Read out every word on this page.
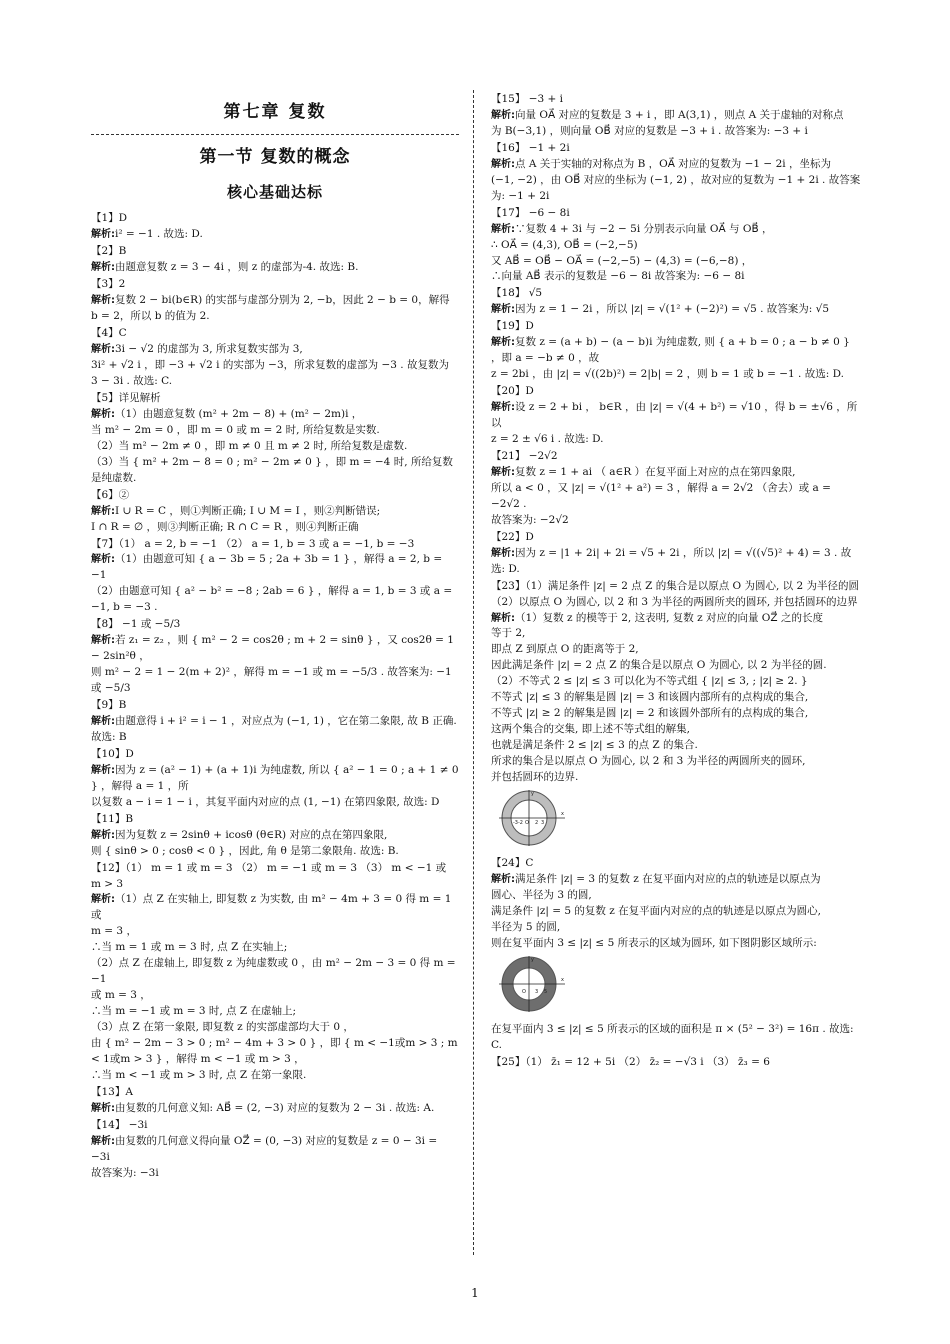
第七章 复数
第一节 复数的概念
核心基础达标

【1】D

解析:i² = −1 . 故选: D.

【2】B

解析:由题意复数 z = 3 − 4i ，则 z 的虚部为-4. 故选: B.

【3】2

解析:复数 2 − bi(b∈R) 的实部与虚部分别为 2, −b，因此 2 − b = 0，解得

b = 2，所以 b 的值为 2.

【4】C

解析:3i − √2 的虚部为 3, 所求复数实部为 3,

3i² + √2 i ，即 −3 + √2 i 的实部为 −3，所求复数的虚部为 −3 . 故复数为

3 − 3i . 故选: C.

【5】详见解析

解析:（1）由题意复数 (m² + 2m − 8) + (m² − 2m)i ，

当 m² − 2m = 0 ，即 m = 0 或 m = 2 时, 所给复数是实数.

（2）当 m² − 2m ≠ 0 ，即 m ≠ 0 且 m ≠ 2 时, 所给复数是虚数.

（3）当 { m² + 2m − 8 = 0 ; m² − 2m ≠ 0 } ，即 m = −4 时, 所给复数是纯虚数.

【6】②

解析:I ∪ R = C ，则①判断正确; I ∪ M = I ，则②判断错误;

I ∩ R = ∅ ，则③判断正确; R ∩ C = R ，则④判断正确

【7】（1） a = 2, b = −1 （2） a = 1, b = 3 或 a = −1, b = −3

解析:（1）由题意可知 { a − 3b = 5 ; 2a + 3b = 1 } ，解得 a = 2, b = −1

（2）由题意可知 { a² − b² = −8 ; 2ab = 6 } ，解得 a = 1, b = 3 或 a = −1, b = −3 .

【8】 −1 或 −5/3

解析:若 z₁ = z₂ ，则 { m² − 2 = cos2θ ; m + 2 = sinθ } ，又 cos2θ = 1 − 2sin²θ ，

则 m² − 2 = 1 − 2(m + 2)² ，解得 m = −1 或 m = −5/3 . 故答案为: −1 或 −5/3

【9】B

解析:由题意得 i + i² = i − 1 ，对应点为 (−1, 1) ，它在第二象限, 故 B 正确.

故选: B

【10】D

解析:因为 z = (a² − 1) + (a + 1)i 为纯虚数, 所以 { a² − 1 = 0 ; a + 1 ≠ 0 } ，解得 a = 1 ，所

以复数 a − i = 1 − i ，其复平面内对应的点 (1, −1) 在第四象限, 故选: D

【11】B

解析:因为复数 z = 2sinθ + icosθ (θ∈R) 对应的点在第四象限,

则 { sinθ > 0 ; cosθ < 0 } ，因此, 角 θ 是第二象限角. 故选: B.

【12】（1） m = 1 或 m = 3 （2） m = −1 或 m = 3 （3） m < −1 或 m > 3

解析:（1）点 Z 在实轴上, 即复数 z 为实数, 由 m² − 4m + 3 = 0 得 m = 1 或

m = 3 ，

∴当 m = 1 或 m = 3 时, 点 Z 在实轴上;

（2）点 Z 在虚轴上, 即复数 z 为纯虚数或 0 ，由 m² − 2m − 3 = 0 得 m = −1

或 m = 3 ，

∴当 m = −1 或 m = 3 时, 点 Z 在虚轴上;

（3）点 Z 在第一象限, 即复数 z 的实部虚部均大于 0 ，

由 { m² − 2m − 3 > 0 ; m² − 4m + 3 > 0 } ，即 { m < −1或m > 3 ; m < 1或m > 3 } ，解得 m < −1 或 m > 3 ，

∴当 m < −1 或 m > 3 时, 点 Z 在第一象限.

【13】A

解析:由复数的几何意义知: AB⃗ = (2, −3) 对应的复数为 2 − 3i . 故选: A.

【14】 −3i

解析:由复数的几何意义得向量 OZ⃗ = (0, −3) 对应的复数是 z = 0 − 3i = −3i

故答案为: −3i

【15】 −3 + i

解析:向量 OA⃗ 对应的复数是 3 + i ，即 A(3,1) ，则点 A 关于虚轴的对称点

为 B(−3,1) ，则向量 OB⃗ 对应的复数是 −3 + i . 故答案为: −3 + i

【16】 −1 + 2i

解析:点 A 关于实轴的对称点为 B ，OA⃗ 对应的复数为 −1 − 2i ，坐标为

(−1, −2) ，由 OB⃗ 对应的坐标为 (−1, 2) ，故对应的复数为 −1 + 2i . 故答案

为: −1 + 2i

【17】 −6 − 8i

解析:∵复数 4 + 3i 与 −2 − 5i 分别表示向量 OA⃗ 与 OB⃗ ，

∴ OA⃗ = (4,3), OB⃗ = (−2,−5)

又 AB⃗ = OB⃗ − OA⃗ = (−2,−5) − (4,3) = (−6,−8) ，

∴向量 AB⃗ 表示的复数是 −6 − 8i 故答案为: −6 − 8i

【18】 √5

解析:因为 z = 1 − 2i ，所以 |z| = √(1² + (−2)²) = √5 . 故答案为: √5

【19】D

解析:复数 z = (a + b) − (a − b)i 为纯虚数, 则 { a + b = 0 ; a − b ≠ 0 } ，即 a = −b ≠ 0 ，故

z = 2bi ，由 |z| = √((2b)²) = 2|b| = 2 ，则 b = 1 或 b = −1 . 故选: D.

【20】D

解析:设 z = 2 + bi ， b∈R ，由 |z| = √(4 + b²) = √10 ，得 b = ±√6 ，所以

z = 2 ± √6 i . 故选: D.

【21】 −2√2

解析:复数 z = 1 + ai （ a∈R ）在复平面上对应的点在第四象限,

所以 a < 0 ，又 |z| = √(1² + a²) = 3 ，解得 a = 2√2 （舍去）或 a = −2√2 .

故答案为: −2√2

【22】D

解析:因为 z = |1 + 2i| + 2i = √5 + 2i ，所以 |z| = √((√5)² + 4) = 3 . 故选: D.

【23】（1）满足条件 |z| = 2 点 Z 的集合是以原点 O 为圆心, 以 2 为半径的圆 （2）以原点 O 为圆心, 以 2 和 3 为半径的两圆所夹的圆环, 并包括圆环的边界

解析:（1）复数 z 的模等于 2, 这表明, 复数 z 对应的向量 OZ⃗ 之的长度

等于 2,

即点 Z 到原点 O 的距离等于 2,

因此满足条件 |z| = 2 点 Z 的集合是以原点 O 为圆心, 以 2 为半径的圆.

（2）不等式 2 ≤ |z| ≤ 3 可以化为不等式组 { |z| ≤ 3, ; |z| ≥ 2. }

不等式 |z| ≤ 3 的解集是圆 |z| = 3 和该圆内部所有的点构成的集合,

不等式 |z| ≥ 2 的解集是圆 |z| = 2 和该圆外部所有的点构成的集合,

这两个集合的交集, 即上述不等式组的解集,

也就是满足条件 2 ≤ |z| ≤ 3 的点 Z 的集合.

所求的集合是以原点 O 为圆心, 以 2 和 3 为半径的两圆所夹的圆环,

并包括圆环的边界.

-3 -2 O 2 3
x
y

【24】C

解析:满足条件 |z| = 3 的复数 z 在复平面内对应的点的轨迹是以原点为

圆心、半径为 3 的圆,

满足条件 |z| = 5 的复数 z 在复平面内对应的点的轨迹是以原点为圆心,

半径为 5 的圆,

则在复平面内 3 ≤ |z| ≤ 5 所表示的区域为圆环, 如下图阴影区域所示:

O 3 5
x
y

在复平面内 3 ≤ |z| ≤ 5 所表示的区域的面积是 π × (5² − 3²) = 16π . 故选: C.

【25】（1） z̄₁ = 12 + 5i （2） z̄₂ = −√3 i （3） z̄₃ = 6

1
